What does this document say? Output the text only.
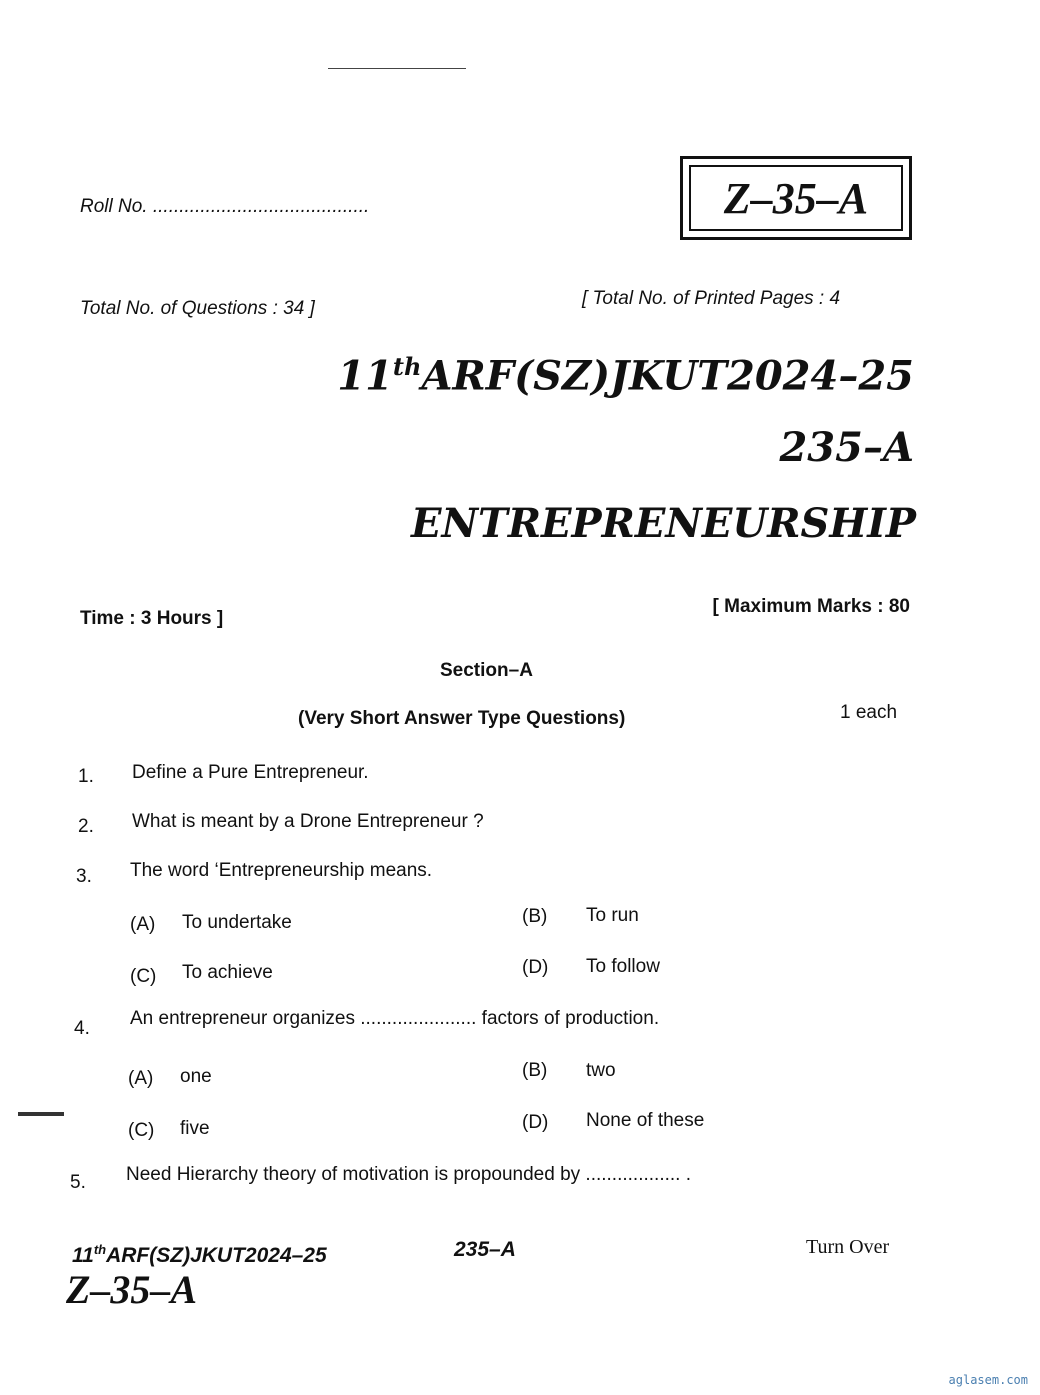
Roll No. .........................................	Z–35–A
Total No. of Questions : 34 ]	[ Total No. of Printed Pages : 4
11thARF(SZ)JKUT2024–25
235–A
ENTREPRENEURSHIP
Time : 3 Hours ]
[ Maximum Marks : 80
Section–A
(Very Short Answer Type Questions)	1 each
1. Define a Pure Entrepreneur.
2. What is meant by a Drone Entrepreneur ?
3. The word ‘Entrepreneurship means.
(A) To undertake	(B) To run
(C) To achieve	(D) To follow
4. An entrepreneur organizes ...................... factors of production.
(A) one	(B) two
(C) five	(D) None of these
5. Need Hierarchy theory of motivation is propounded by .................. .
11thARF(SZ)JKUT2024–25	235–A	Turn Over
Z–35–A
aglasem.com
